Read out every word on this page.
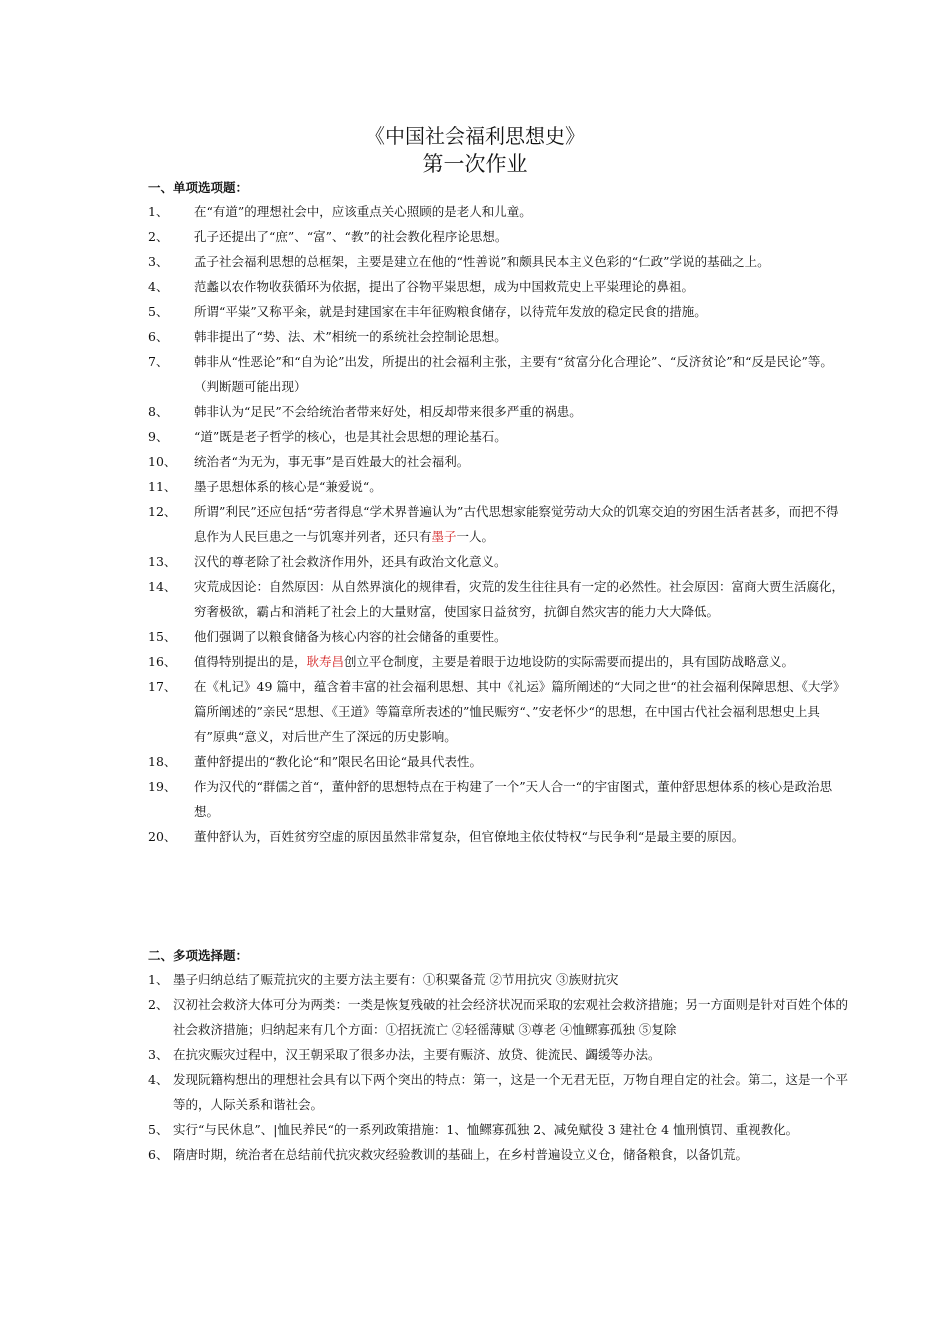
《中国社会福利思想史》
第一次作业
一、单项选项题：
1、 在“有道”的理想社会中，应该重点关心照顾的是老人和儿童。
2、 孔子还提出了“庶”、“富”、“教”的社会教化程序论思想。
3、 孟子社会福利思想的总框架，主要是建立在他的“性善说”和颇具民本主义色彩的“仁政”学说的基础之上。
4、 范蠡以农作物收获循环为依据，提出了谷物平粜思想，成为中国救荒史上平粜理论的鼻祖。
5、 所谓“平粜”又称平籴，就是封建国家在丰年征购粮食储存，以待荒年发放的稳定民食的措施。
6、 韩非提出了“势、法、术”相统一的系统社会控制论思想。
7、 韩非从“性恶论”和“自为论”出发，所提出的社会福利主张，主要有“贫富分化合理论”、“反济贫论”和“反是民论”等。 （判断题可能出现）
8、 韩非认为“足民”不会给统治者带来好处，相反却带来很多严重的祸患。
9、 “道”既是老子哲学的核心，也是其社会思想的理论基石。
10、 统治者“为无为，事无事”是百姓最大的社会福利。
11、 墨子思想体系的核心是“兼爱说“。
12、 所谓”利民”还应包括“劳者得息“学术界普遍认为”古代思想家能察觉劳动大众的饥寒交迫的穷困生活者甚多，而把不得息作为人民巨患之一与饥寒并列者，还只有墨子一人。
13、 汉代的尊老除了社会救济作用外，还具有政治文化意义。
14、 灾荒成因论：自然原因：从自然界演化的规律看，灾荒的发生往往具有一定的必然性。社会原因：富商大贾生活腐化，穷奢极欲，霸占和消耗了社会上的大量财富，使国家日益贫穷，抗御自然灾害的能力大大降低。
15、 他们强调了以粮食储备为核心内容的社会储备的重要性。
16、 值得特别提出的是，耿寿昌创立平仓制度，主要是着眼于边地设防的实际需要而提出的，具有国防战略意义。
17、 在《札记》49 篇中，蕴含着丰富的社会福利思想、其中《礼运》篇所阐述的“大同之世“的社会福利保障思想、《大学》篇所阐述的”亲民“思想、《王道》等篇章所表述的”恤民赈穷“、”安老怀少“的思想，在中国古代社会福利思想史上具有”原典“意义，对后世产生了深远的历史影响。
18、 董仲舒提出的“教化论“和”限民名田论“最具代表性。
19、 作为汉代的“群儒之首“，董仲舒的思想特点在于构建了一个”天人合一“的宇宙图式，董仲舒思想体系的核心是政治思想。
20、 董仲舒认为，百姓贫穷空虚的原因虽然非常复杂，但官僚地主依仗特权“与民争利“是最主要的原因。
二、多项选择题：
1、 墨子归纳总结了赈荒抗灾的主要方法主要有：①积粟备荒 ②节用抗灾 ③族财抗灾
2、 汉初社会救济大体可分为两类：一类是恢复残破的社会经济状况而采取的宏观社会救济措施；另一方面则是针对百姓个体的社会救济措施；归纳起来有几个方面：①招抚流亡 ②轻徭薄赋 ③尊老 ④恤鳏寡孤独 ⑤复除
3、 在抗灾赈灾过程中，汉王朝采取了很多办法，主要有赈济、放贷、徙流民、蠲缓等办法。
4、 发现阮籍构想出的理想社会具有以下两个突出的特点：第一，这是一个无君无臣，万物自理自定的社会。第二，这是一个平等的，人际关系和谐社会。
5、 实行“与民休息”、|恤民养民“的一系列政策措施：1、恤鳏寡孤独 2、减免赋役 3 建社仓 4 恤刑慎罚、重视教化。
6、 隋唐时期，统治者在总结前代抗灾救灾经验教训的基础上，在乡村普遍设立义仓，储备粮食，以备饥荒。
